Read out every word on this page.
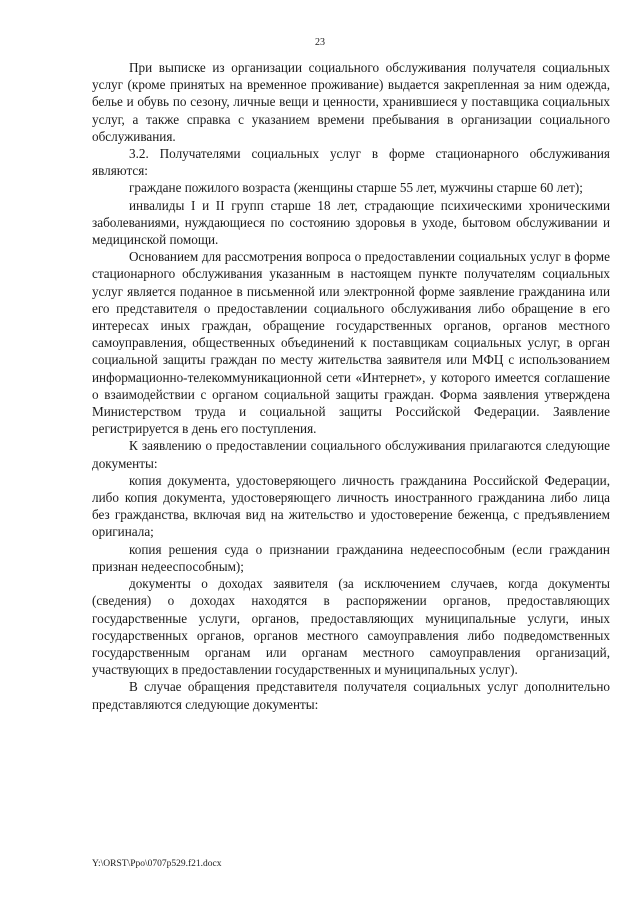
23

При выписке из организации социального обслуживания получателя социальных услуг (кроме принятых на временное проживание) выдается закрепленная за ним одежда, белье и обувь по сезону, личные вещи и ценности, хранившиеся у поставщика социальных услуг, а также справка с указанием времени пребывания в организации социального обслуживания.

3.2. Получателями социальных услуг в форме стационарного обслуживания являются:

граждане пожилого возраста (женщины старше 55 лет, мужчины старше 60 лет);

инвалиды I и II групп старше 18 лет, страдающие психическими хроническими заболеваниями, нуждающиеся по состоянию здоровья в уходе, бытовом обслуживании и медицинской помощи.

Основанием для рассмотрения вопроса о предоставлении социальных услуг в форме стационарного обслуживания указанным в настоящем пункте получателям социальных услуг является поданное в письменной или электронной форме заявление гражданина или его представителя о предоставлении социального обслуживания либо обращение в его интересах иных граждан, обращение государственных органов, органов местного самоуправления, общественных объединений к поставщикам социальных услуг, в орган социальной защиты граждан по месту жительства заявителя или МФЦ с использованием информационно-телекоммуникационной сети «Интернет», у которого имеется соглашение о взаимодействии с органом социальной защиты граждан. Форма заявления утверждена Министерством труда и социальной защиты Российской Федерации. Заявление регистрируется в день его поступления.

К заявлению о предоставлении социального обслуживания прилагаются следующие документы:

копия документа, удостоверяющего личность гражданина Российской Федерации, либо копия документа, удостоверяющего личность иностранного гражданина либо лица без гражданства, включая вид на жительство и удостоверение беженца, с предъявлением оригинала;

копия решения суда о признании гражданина недееспособным (если гражданин признан недееспособным);

документы о доходах заявителя (за исключением случаев, когда документы (сведения) о доходах находятся в распоряжении органов, предоставляющих государственные услуги, органов, предоставляющих муниципальные услуги, иных государственных органов, органов местного самоуправления либо подведомственных государственным органам или органам местного самоуправления организаций, участвующих в предоставлении государственных и муниципальных услуг).

В случае обращения представителя получателя социальных услуг дополнительно представляются следующие документы:

Y:\ORST\Ppo\0707p529.f21.docx
